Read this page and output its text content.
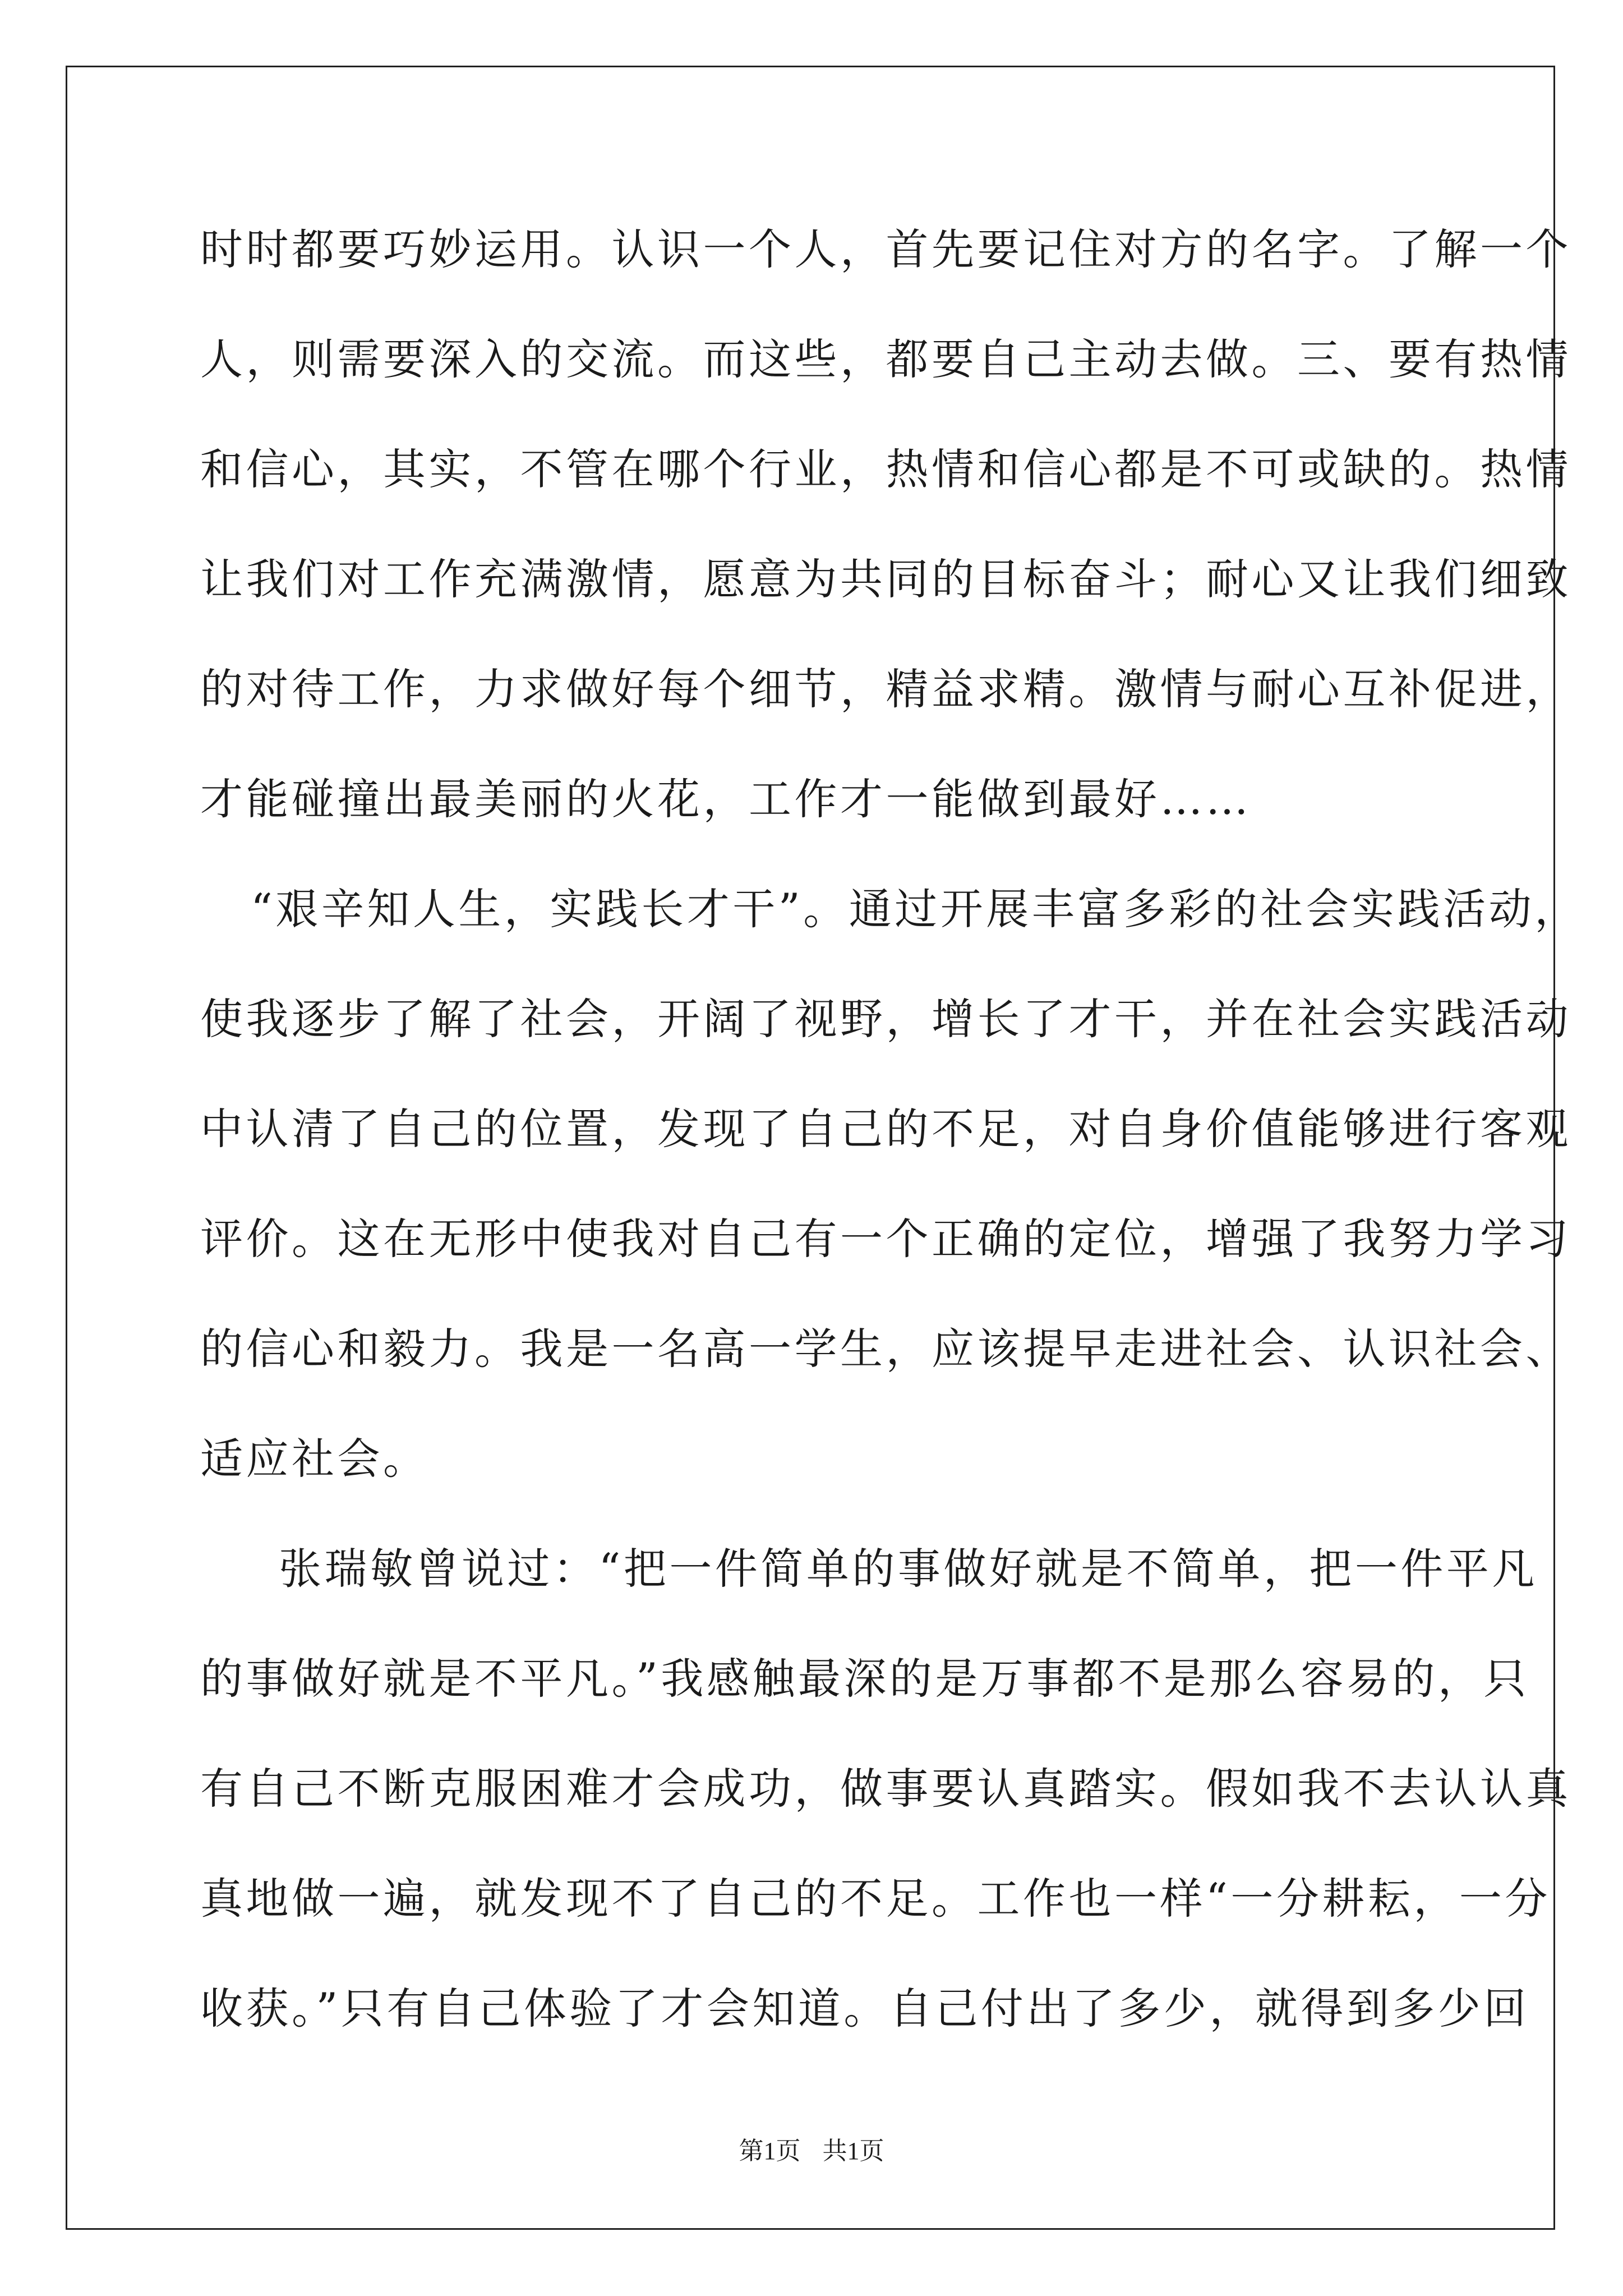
时时都要巧妙运用。认识一个人，首先要记住对方的名字。了解一个
人，则需要深入的交流。而这些，都要自己主动去做。三、要有热情
和信心，其实，不管在哪个行业，热情和信心都是不可或缺的。热情
让我们对工作充满激情，愿意为共同的目标奋斗；耐心又让我们细致
的对待工作，力求做好每个细节，精益求精。激情与耐心互补促进，
才能碰撞出最美丽的火花，工作才一能做到最好……
“艰辛知人生，实践长才干”。通过开展丰富多彩的社会实践活动，
使我逐步了解了社会，开阔了视野，增长了才干，并在社会实践活动
中认清了自己的位置，发现了自己的不足，对自身价值能够进行客观
评价。这在无形中使我对自己有一个正确的定位，增强了我努力学习
的信心和毅力。我是一名高一学生，应该提早走进社会、认识社会、
适应社会。
张瑞敏曾说过：“把一件简单的事做好就是不简单，把一件平凡
的事做好就是不平凡。”我感触最深的是万事都不是那么容易的，只
有自己不断克服困难才会成功，做事要认真踏实。假如我不去认认真
真地做一遍，就发现不了自己的不足。工作也一样“一分耕耘，一分
收获。”只有自己体验了才会知道。自己付出了多少，就得到多少回
第1页 共1页
